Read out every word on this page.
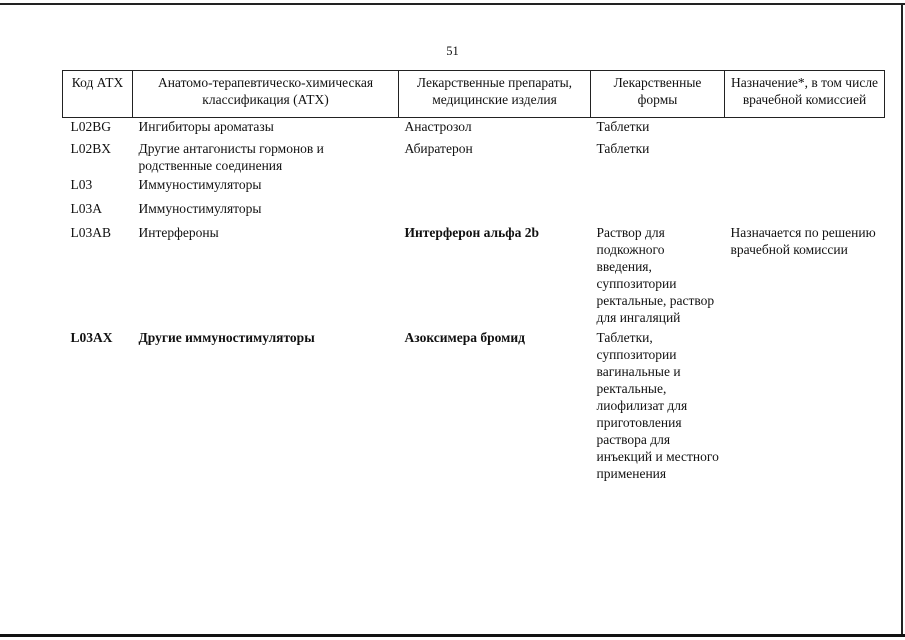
51
Код АТХ	Анатомо-терапевтическо-химическая классификация (АТХ)	Лекарственные препараты, медицинские изделия	Лекарственные формы	Назначение*, в том числе врачебной комиссией
L02BG	Ингибиторы ароматазы	Анастрозол	Таблетки	
L02BX	Другие антагонисты гормонов и родственные соединения	Абиратерон	Таблетки	
L03	Иммуностимуляторы			
L03A	Иммуностимуляторы			
L03AB	Интерфероны	Интерферон альфа 2b	Раствор для подкожного введения, суппозитории ректальные, раствор для ингаляций	Назначается по решению врачебной комиссии
L03AX	Другие иммуностимуляторы	Азоксимера бромид	Таблетки, суппозитории вагинальные и ректальные, лиофилизат для приготовления раствора для инъекций и местного применения	
